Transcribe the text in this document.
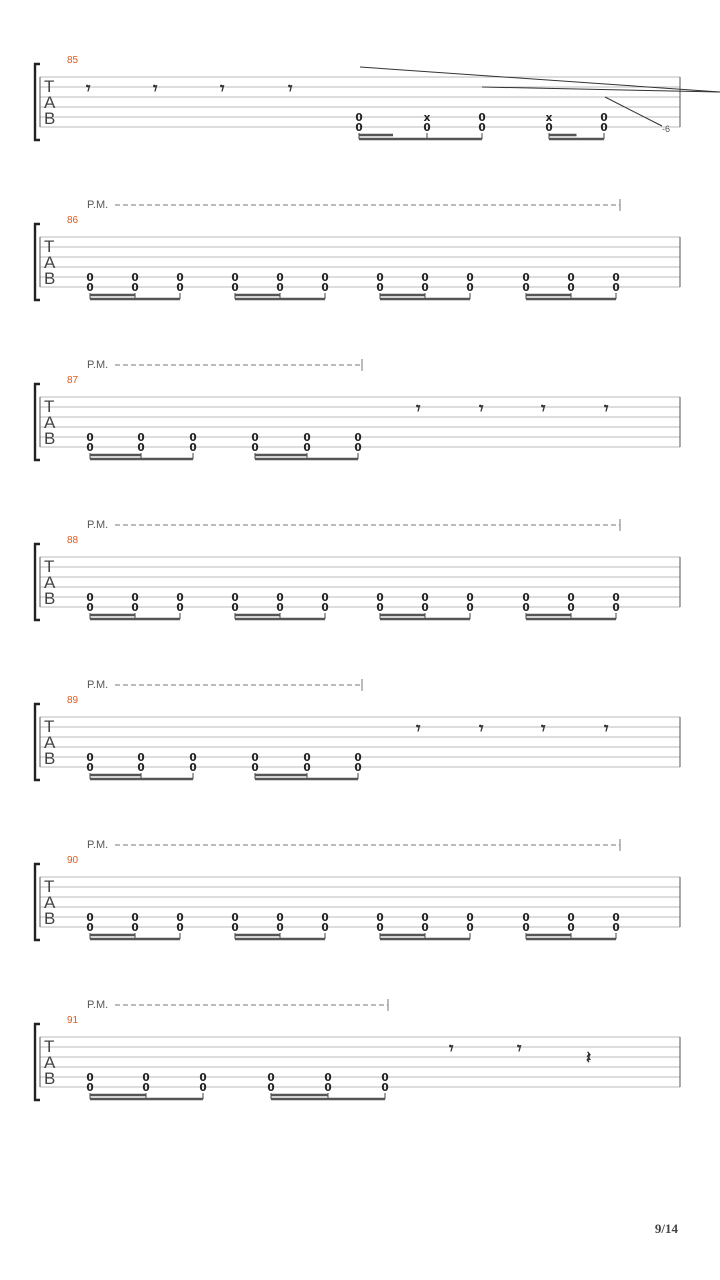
T
A
B
85
𝄾	𝄾	𝄾	𝄾
0
0
x
0
0
0
x
0
0
0	-6
T
A
B
86
P.M.
0
0
0
0
0
0
0
0
0
0
0
0
0
0
0
0
0
0
0
0
0
0
0
0
T
A
B
87
P.M.
0
0
0
0
0
0
0
0
0
0
0
0
𝄾	𝄾	𝄾	𝄾
T
A
B
88
P.M.
0
0
0
0
0
0
0
0
0
0
0
0
0
0
0
0
0
0
0
0
0
0
0
0
T
A
B
89
P.M.
0
0
0
0
0
0
0
0
0
0
0
0
𝄾	𝄾	𝄾	𝄾
T
A
B
90
P.M.
0
0
0
0
0
0
0
0
0
0
0
0
0
0
0
0
0
0
0
0
0
0
0
0
T
A
B
91
P.M.
0
0
0
0
0
0
0
0
0
0
0
0
𝄾	𝄾	𝄽
9/14
